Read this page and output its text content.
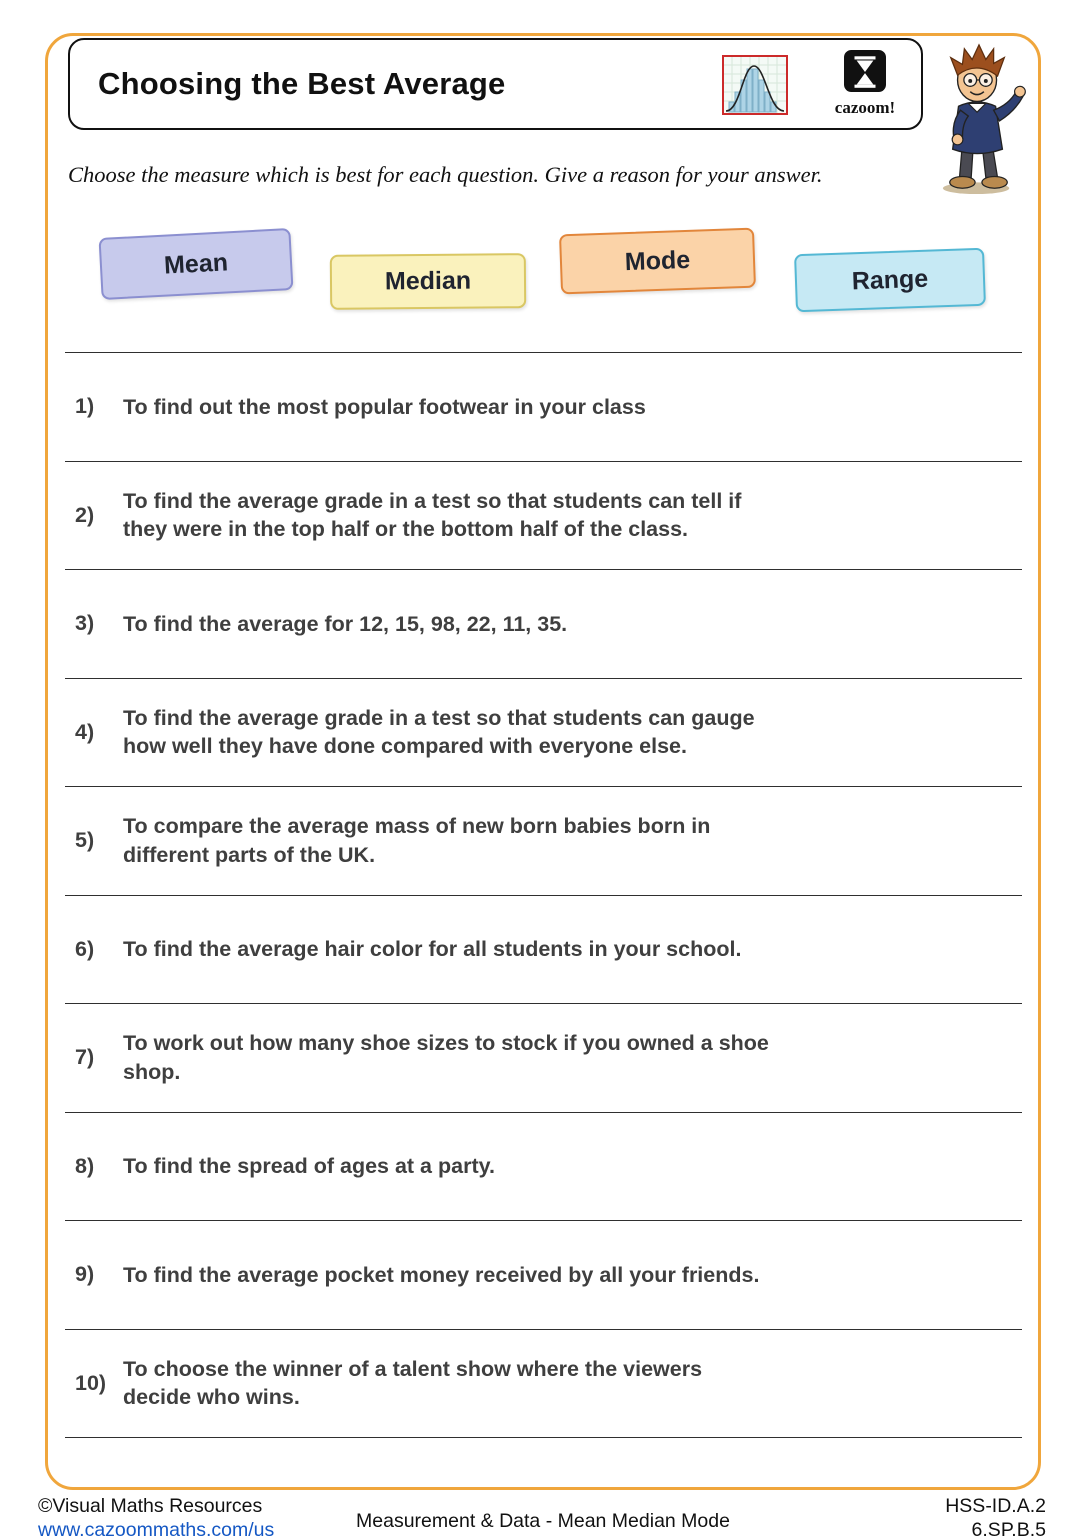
Choosing the Best Average
cazoom!
Choose the measure which is best for each question. Give a reason for your answer.
Mean
Median
Mode
Range
1)	To find out the most popular footwear in your class
2)
To find the average grade in a test so that students can tell if they were in the top half or the bottom half of the class.
3)	To find the average for 12, 15, 98, 22, 11, 35.
4)
To find the average grade in a test so that students can gauge how well they have done compared with everyone else.
5)
To compare the average mass of new born babies born in different parts of the UK.
6)	To find the average hair color for all students in your school.
7)
To work out how many shoe sizes to stock if you owned a shoe shop.
8)	To find the spread of ages at a party.
9)	To find the average pocket money received by all your friends.
10)
To choose the winner of a talent show where the viewers decide who wins.
©Visual Maths Resources
www.cazoommaths.com/us	Measurement & Data - Mean Median Mode
HSS-ID.A.2
6.SP.B.5
